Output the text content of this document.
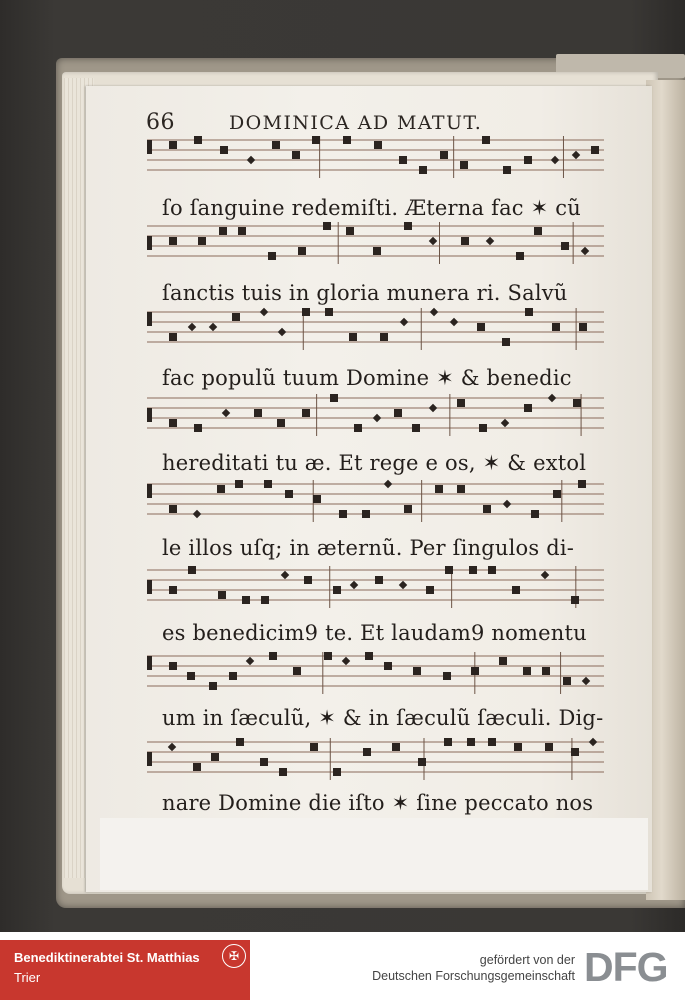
66	DOMINICA AD MATUT.
ſo ſanguine redemiſti. Æterna fac ✶ cũ
ſanctis tuis in gloria munera ri. Salvũ
fac populũ tuum Domine ✶ & benedic
hereditati tu æ. Et rege e os, ✶ & extol
le illos uſq; in æternũ. Per ſingulos di-
es benedicim9 te. Et laudam9 nomentu
um in ſæculũ, ✶ & in ſæculũ ſæculi. Dig-
nare Domine die iſto ✶ ſine peccato nos
Benediktinerabtei St. Matthias
Trier
✠	gefördert von der
Deutschen Forschungsgemeinschaft DFG
